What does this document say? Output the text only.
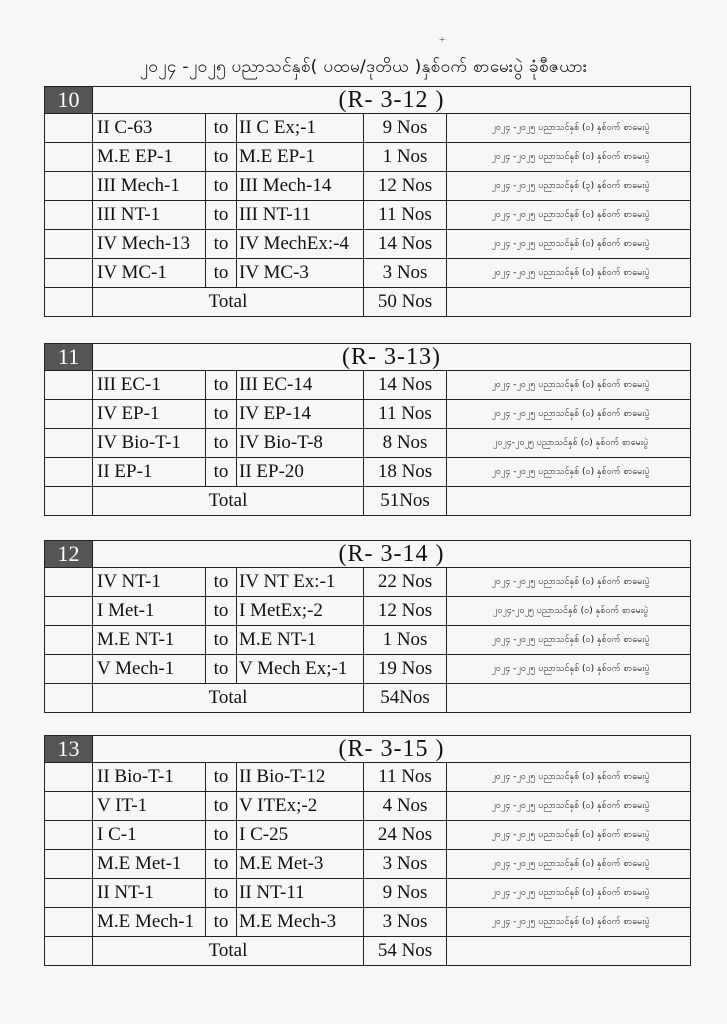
+
၂၀၂၄ -၂၀၂၅ ပညာသင်နှစ်( ပထမ/ဒုတိယ )နှစ်ဝက် စာမေးပွဲ ခုံစီဇယား
10	(R- 3-12 )
II C-63	to II C Ex;-1	9 Nos	၂၀၂၄ -၂၀၂၅ ပညာသင်နှစ် (၀) နှစ်ဝက် စာမေးပွဲ
M.E EP-1	to M.E EP-1	1 Nos	၂၀၂၄ -၂၀၂၅ ပညာသင်နှစ် (၀) နှစ်ဝက် စာမေးပွဲ
III Mech-1	to III Mech-14	12 Nos	၂၀၂၄ -၂၀၂၅ ပညာသင်နှစ် (၃) နှစ်ဝက် စာမေးပွဲ
III NT-1	to III NT-11	11 Nos	၂၀၂၄ -၂၀၂၅ ပညာသင်နှစ် (၀) နှစ်ဝက် စာမေးပွဲ
IV Mech-13	to IV MechEx:-4	14 Nos	၂၀၂၄ -၂၀၂၅ ပညာသင်နှစ် (၀) နှစ်ဝက် စာမေးပွဲ
IV MC-1	to IV MC-3	3 Nos	၂၀၂၄ -၂၀၂၅ ပညာသင်နှစ် (၀) နှစ်ဝက် စာမေးပွဲ
Total	50 Nos
11	(R- 3-13)
III EC-1	to III EC-14	14 Nos	၂၀၂၄ -၂၀၂၅ ပညာသင်နှစ် (၀) နှစ်ဝက် စာမေးပွဲ
IV EP-1	to IV EP-14	11 Nos	၂၀၂၄ -၂၀၂၅ ပညာသင်နှစ် (၀) နှစ်ဝက် စာမေးပွဲ
IV Bio-T-1	to IV Bio-T-8	8 Nos	၂၀၂၄-၂၀၂၅ ပညာသင်နှစ် (၀) နှစ်ဝက် စာမေးပွဲ
II EP-1	to II EP-20	18 Nos	၂၀၂၄ -၂၀၂၅ ပညာသင်နှစ် (၀) နှစ်ဝက် စာမေးပွဲ
Total	51Nos
12	(R- 3-14 )
IV NT-1	to IV NT Ex:-1	22 Nos	၂၀၂၄ -၂၀၂၅ ပညာသင်နှစ် (၀) နှစ်ဝက် စာမေးပွဲ
I Met-1	to I MetEx;-2	12 Nos	၂၀၂၄-၂၀၂၅ ပညာသင်နှစ် (၀) နှစ်ဝက် စာမေးပွဲ
M.E NT-1	to M.E NT-1	1 Nos	၂၀၂၄ -၂၀၂၅ ပညာသင်နှစ် (၀) နှစ်ဝက် စာမေးပွဲ
V Mech-1	to V Mech Ex;-1	19 Nos	၂၀၂၄ -၂၀၂၅ ပညာသင်နှစ် (၀) နှစ်ဝက် စာမေးပွဲ
Total	54Nos
13	(R- 3-15 )
II Bio-T-1	to II Bio-T-12	11 Nos	၂၀၂၄ -၂၀၂၅ ပညာသင်နှစ် (၀) နှစ်ဝက် စာမေးပွဲ
V IT-1	to V ITEx;-2	4 Nos	၂၀၂၄ -၂၀၂၅ ပညာသင်နှစ် (၀) နှစ်ဝက် စာမေးပွဲ
I C-1	to I C-25	24 Nos	၂၀၂၄ -၂၀၂၅ ပညာသင်နှစ် (၀) နှစ်ဝက် စာမေးပွဲ
M.E Met-1	to M.E Met-3	3 Nos	၂၀၂၄ -၂၀၂၅ ပညာသင်နှစ် (၀) နှစ်ဝက် စာမေးပွဲ
II NT-1	to II NT-11	9 Nos	၂၀၂၄ -၂၀၂၅ ပညာသင်နှစ် (၀) နှစ်ဝက် စာမေးပွဲ
M.E Mech-1	to M.E Mech-3	3 Nos	၂၀၂၄ -၂၀၂၅ ပညာသင်နှစ် (၀) နှစ်ဝက် စာမေးပွဲ
Total	54 Nos
